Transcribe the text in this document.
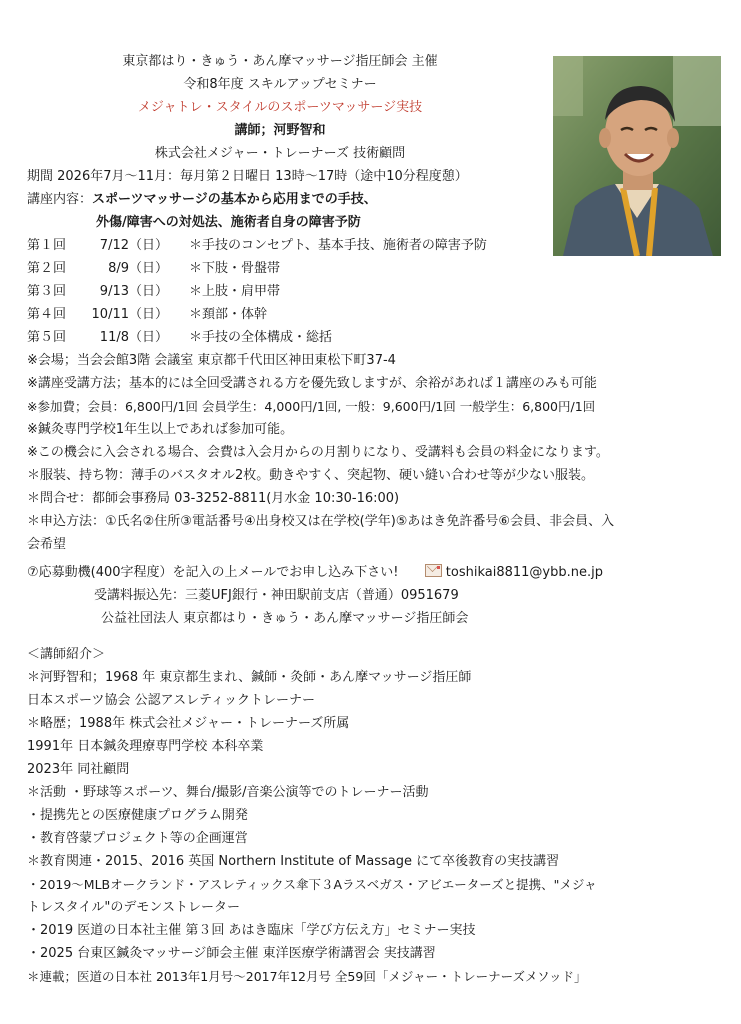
東京都はり・きゅう・あん摩マッサージ指圧師会 主催
令和8年度 スキルアップセミナー
メジャトレ・スタイルのスポーツマッサージ実技
講師；河野智和
株式会社メジャー・トレーナーズ 技術顧問
期間 2026年7月〜11月：毎月第２日曜日 13時〜17時（途中10分程度憩）
講座内容：スポーツマッサージの基本から応用までの手技、
外傷/障害への対処法、施術者自身の障害予防
第１回	7/12（日） ＊手技のコンセプト、基本手技、施術者の障害予防
第２回	8/9（日） ＊下肢・骨盤帯
第３回	9/13（日） ＊上肢・肩甲帯
第４回 10/11（日） ＊頚部・体幹
第５回	11/8（日） ＊手技の全体構成・総括
※会場；当会会館3階 会議室 東京都千代田区神田東松下町37-4
※講座受講方法；基本的には全回受講される方を優先致しますが、余裕があれば１講座のみも可能
※参加費；会員：6,800円/1回 会員学生：4,000円/1回, 一般：9,600円/1回 一般学生：6,800円/1回
※鍼灸専門学校1年生以上であれば参加可能。
※この機会に入会される場合、会費は入会月からの月割りになり、受講料も会員の料金になります。
＊服装、持ち物：薄手のバスタオル2枚。動きやすく、突起物、硬い縫い合わせ等が少ない服装。
＊問合せ：都師会事務局 03-3252-8811(月水金 10:30-16:00)
＊申込方法：①氏名②住所③電話番号④出身校又は在学校(学年)⑤あはき免許番号⑥会員、非会員、入
会希望
⑦応募動機(400字程度）を記入の上メールでお申し込み下さい!	toshikai8811@ybb.ne.jp
受講料振込先：三菱UFJ銀行・神田駅前支店（普通）0951679
公益社団法人 東京都はり・きゅう・あん摩マッサージ指圧師会
＜講師紹介＞
＊河野智和；1968 年 東京都生まれ、鍼師・灸師・あん摩マッサージ指圧師
日本スポーツ協会 公認アスレティックトレーナー
＊略歴；1988年 株式会社メジャー・トレーナーズ所属
1991年 日本鍼灸理療専門学校 本科卒業
2023年 同社顧問
＊活動 ・野球等スポーツ、舞台/撮影/音楽公演等でのトレーナー活動
・提携先との医療健康プログラム開発
・教育啓蒙プロジェクト等の企画運営
＊教育関連・2015、2016 英国 Northern Institute of Massage にて卒後教育の実技講習
・2019〜MLBオークランド・アスレティックス傘下３Aラスベガス・アビエーターズと提携、"メジャ
トレスタイル"のデモンストレーター
・2019 医道の日本社主催 第３回 あはき臨床「学び方伝え方」セミナー実技
・2025 台東区鍼灸マッサージ師会主催 東洋医療学術講習会 実技講習
＊連載；医道の日本社 2013年1月号〜2017年12月号 全59回「メジャー・トレーナーズメソッド」
